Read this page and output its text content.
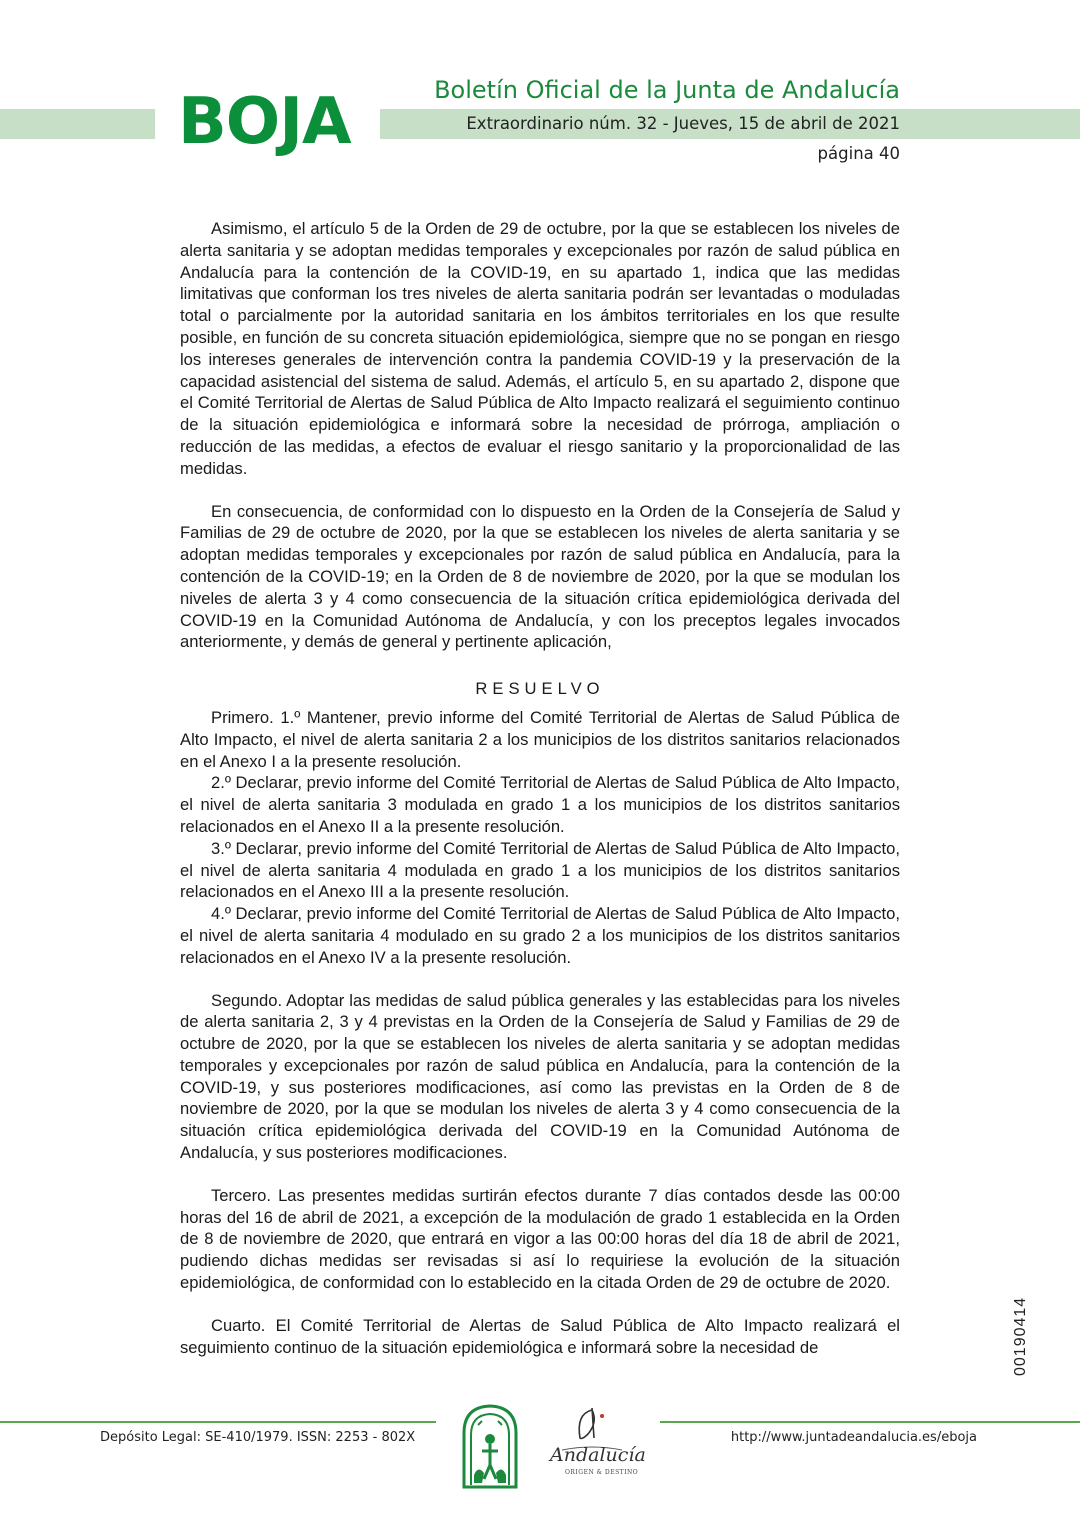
BOJA	Boletín Oficial de la Junta de Andalucía
Extraordinario núm. 32 - Jueves, 15 de abril de 2021
página 40

Asimismo, el artículo 5 de la Orden de 29 de octubre, por la que se establecen los niveles de alerta sanitaria y se adoptan medidas temporales y excepcionales por razón de salud pública en Andalucía para la contención de la COVID-19, en su apartado 1, indica que las medidas limitativas que conforman los tres niveles de alerta sanitaria podrán ser levantadas o moduladas total o parcialmente por la autoridad sanitaria en los ámbitos territoriales en los que resulte posible, en función de su concreta situación epidemiológica, siempre que no se pongan en riesgo los intereses generales de intervención contra la pandemia COVID-19 y la preservación de la capacidad asistencial del sistema de salud. Además, el artículo 5, en su apartado 2, dispone que el Comité Territorial de Alertas de Salud Pública de Alto Impacto realizará el seguimiento continuo de la situación epidemiológica e informará sobre la necesidad de prórroga, ampliación o reducción de las medidas, a efectos de evaluar el riesgo sanitario y la proporcionalidad de las medidas.

En consecuencia, de conformidad con lo dispuesto en la Orden de la Consejería de Salud y Familias de 29 de octubre de 2020, por la que se establecen los niveles de alerta sanitaria y se adoptan medidas temporales y excepcionales por razón de salud pública en Andalucía, para la contención de la COVID-19; en la Orden de 8 de noviembre de 2020, por la que se modulan los niveles de alerta 3 y 4 como consecuencia de la situación crítica epidemiológica derivada del COVID-19 en la Comunidad Autónoma de Andalucía, y con los preceptos legales invocados anteriormente, y demás de general y pertinente aplicación,

RESUELVO

Primero. 1.º Mantener, previo informe del Comité Territorial de Alertas de Salud Pública de Alto Impacto, el nivel de alerta sanitaria 2 a los municipios de los distritos sanitarios relacionados en el Anexo I a la presente resolución.

2.º Declarar, previo informe del Comité Territorial de Alertas de Salud Pública de Alto Impacto, el nivel de alerta sanitaria 3 modulada en grado 1 a los municipios de los distritos sanitarios relacionados en el Anexo II a la presente resolución.

3.º Declarar, previo informe del Comité Territorial de Alertas de Salud Pública de Alto Impacto, el nivel de alerta sanitaria 4 modulada en grado 1 a los municipios de los distritos sanitarios relacionados en el Anexo III a la presente resolución.

4.º Declarar, previo informe del Comité Territorial de Alertas de Salud Pública de Alto Impacto, el nivel de alerta sanitaria 4 modulado en su grado 2 a los municipios de los distritos sanitarios relacionados en el Anexo IV a la presente resolución.

Segundo. Adoptar las medidas de salud pública generales y las establecidas para los niveles de alerta sanitaria 2, 3 y 4 previstas en la Orden de la Consejería de Salud y Familias de 29 de octubre de 2020, por la que se establecen los niveles de alerta sanitaria y se adoptan medidas temporales y excepcionales por razón de salud pública en Andalucía, para la contención de la COVID-19, y sus posteriores modificaciones, así como las previstas en la Orden de 8 de noviembre de 2020, por la que se modulan los niveles de alerta 3 y 4 como consecuencia de la situación crítica epidemiológica derivada del COVID-19 en la Comunidad Autónoma de Andalucía, y sus posteriores modificaciones.

Tercero. Las presentes medidas surtirán efectos durante 7 días contados desde las 00:00 horas del 16 de abril de 2021, a excepción de la modulación de grado 1 establecida en la Orden de 8 de noviembre de 2020, que entrará en vigor a las 00:00 horas del día 18 de abril de 2021, pudiendo dichas medidas ser revisadas si así lo requiriese la evolución de la situación epidemiológica, de conformidad con lo establecido en la citada Orden de 29 de octubre de 2020.

Cuarto. El Comité Territorial de Alertas de Salud Pública de Alto Impacto realizará el seguimiento continuo de la situación epidemiológica e informará sobre la necesidad de	00190414
Depósito Legal: SE-410/1979. ISSN: 2253 - 802X	http://www.juntadeandalucia.es/eboja
Andalucía
ORIGEN & DESTINO
